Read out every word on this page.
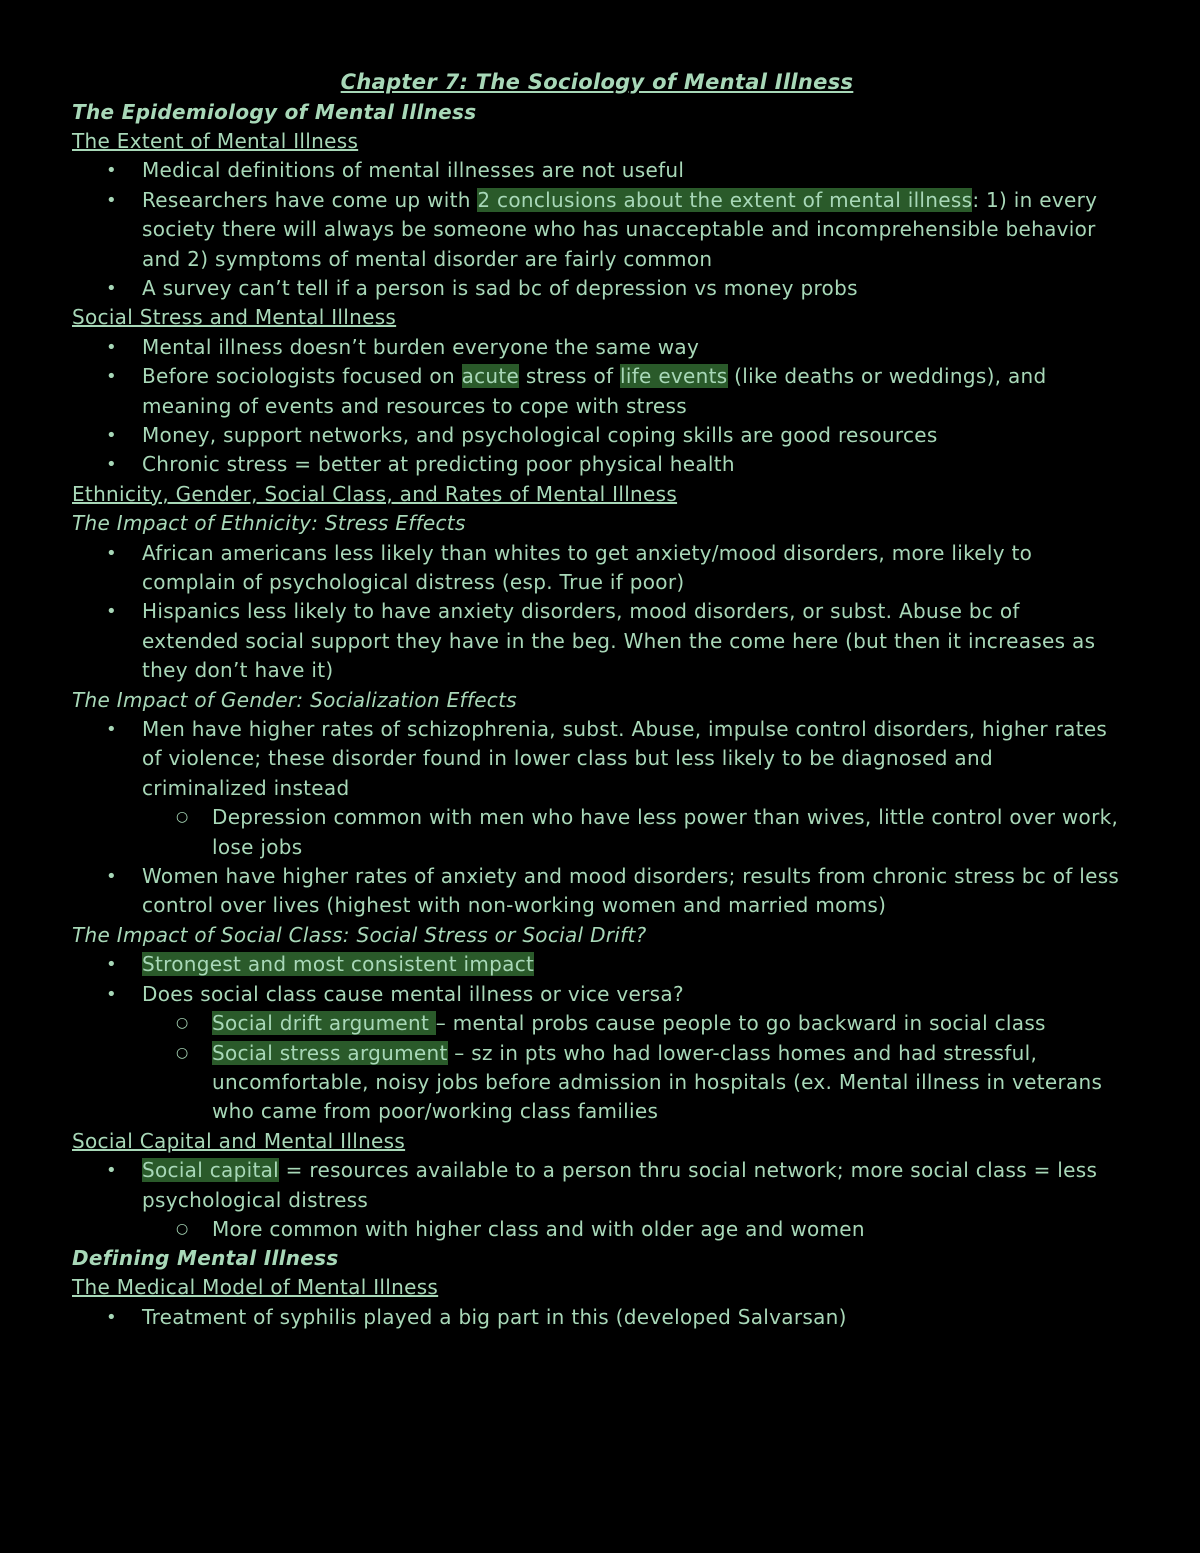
Chapter 7: The Sociology of Mental Illness
The Epidemiology of Mental Illness
The Extent of Mental Illness
• Medical definitions of mental illnesses are not useful
• Researchers have come up with 2 conclusions about the extent of mental illness: 1) in every society there will always be someone who has unacceptable and incomprehensible behavior and 2) symptoms of mental disorder are fairly common
• A survey can’t tell if a person is sad bc of depression vs money probs
Social Stress and Mental Illness
• Mental illness doesn’t burden everyone the same way
• Before sociologists focused on acute stress of life events (like deaths or weddings), and meaning of events and resources to cope with stress
• Money, support networks, and psychological coping skills are good resources
• Chronic stress = better at predicting poor physical health
Ethnicity, Gender, Social Class, and Rates of Mental Illness
The Impact of Ethnicity: Stress Effects
• African americans less likely than whites to get anxiety/mood disorders, more likely to complain of psychological distress (esp. True if poor)
• Hispanics less likely to have anxiety disorders, mood disorders, or subst. Abuse bc of extended social support they have in the beg. When the come here (but then it increases as they don’t have it)
The Impact of Gender: Socialization Effects
• Men have higher rates of schizophrenia, subst. Abuse, impulse control disorders, higher rates of violence; these disorder found in lower class but less likely to be diagnosed and criminalized instead
○ Depression common with men who have less power than wives, little control over work, lose jobs
• Women have higher rates of anxiety and mood disorders; results from chronic stress bc of less control over lives (highest with non-working women and married moms)
The Impact of Social Class: Social Stress or Social Drift?
• Strongest and most consistent impact
• Does social class cause mental illness or vice versa?
○ Social drift argument – mental probs cause people to go backward in social class
○ Social stress argument – sz in pts who had lower-class homes and had stressful, uncomfortable, noisy jobs before admission in hospitals (ex. Mental illness in veterans who came from poor/working class families
Social Capital and Mental Illness
• Social capital = resources available to a person thru social network; more social class = less psychological distress
○ More common with higher class and with older age and women
Defining Mental Illness
The Medical Model of Mental Illness
• Treatment of syphilis played a big part in this (developed Salvarsan)
